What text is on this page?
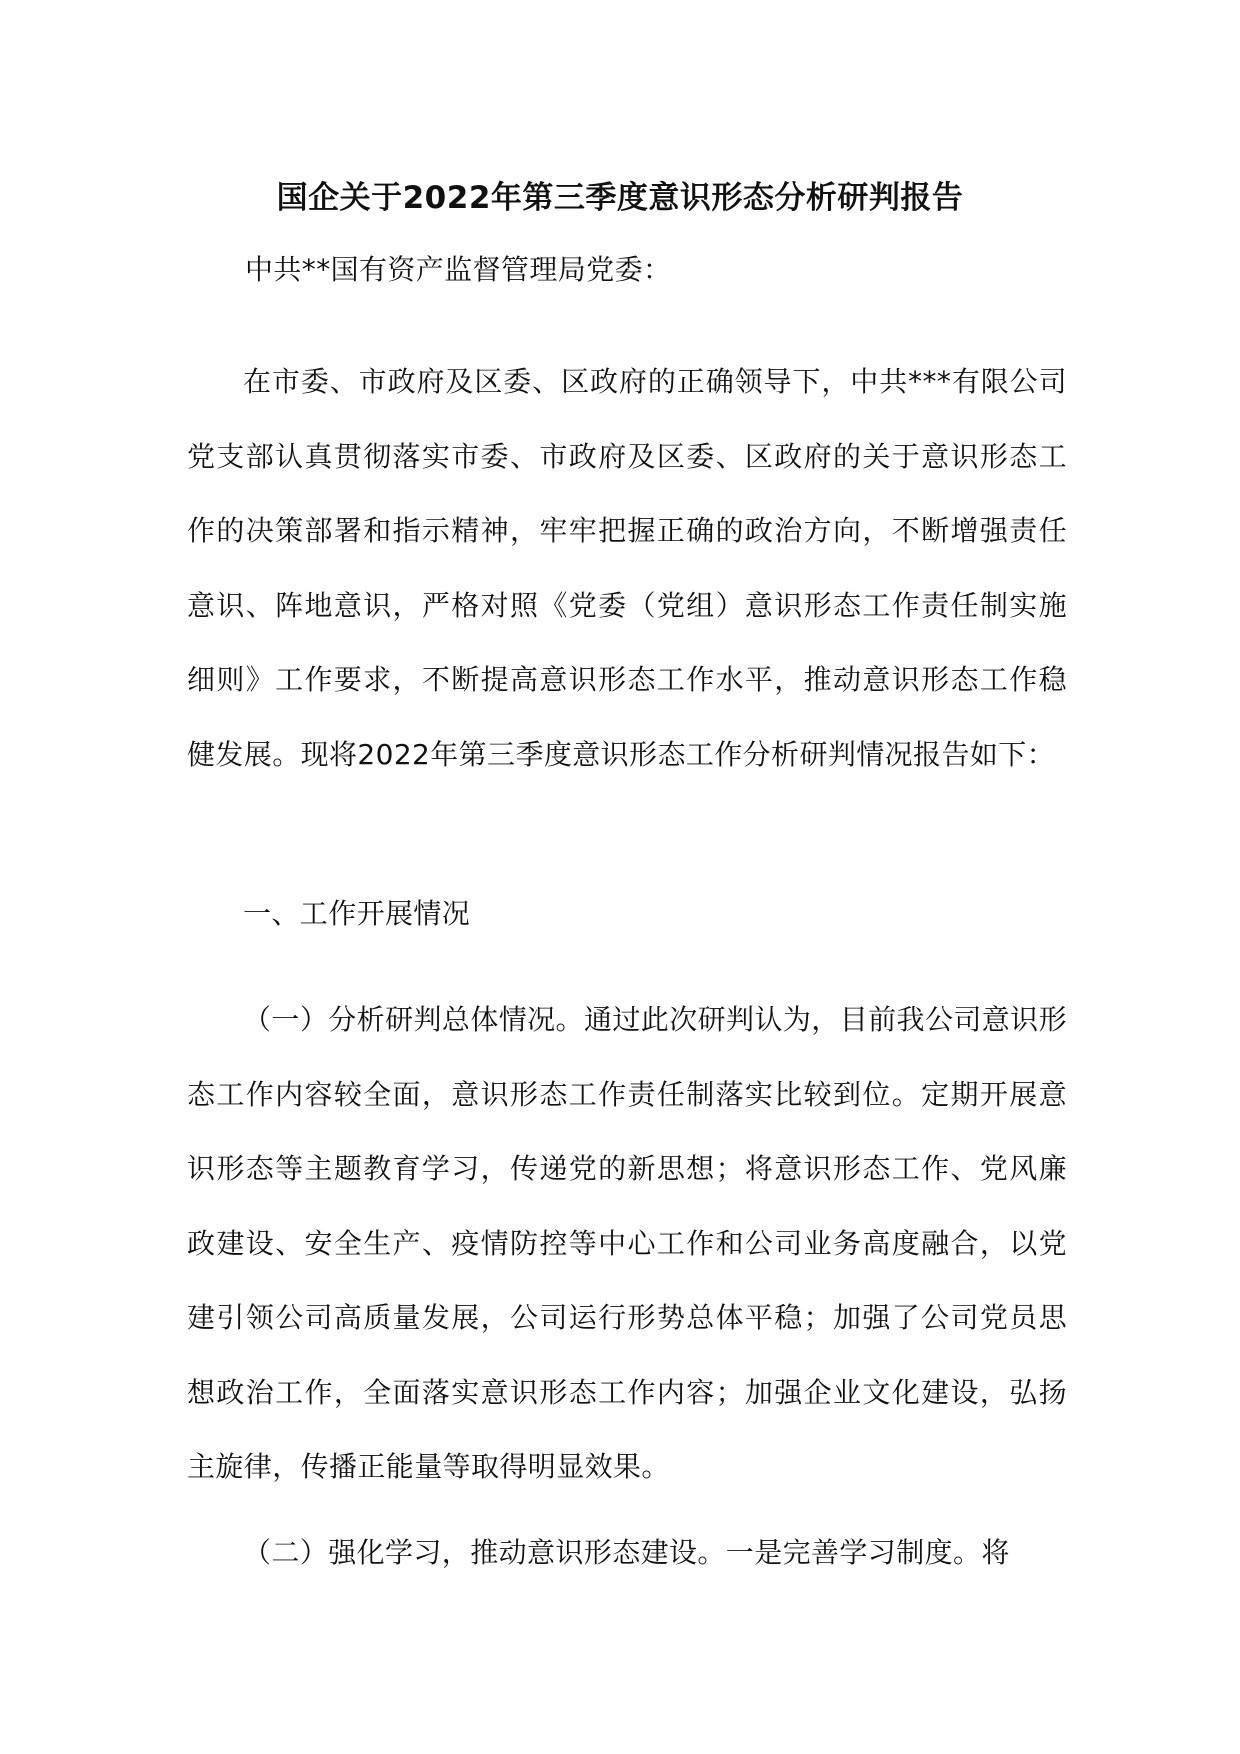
国企关于2022年第三季度意识形态分析研判报告

中共**国有资产监督管理局党委：

在市委、市政府及区委、区政府的正确领导下，中共***有限公司党支部认真贯彻落实市委、市政府及区委、区政府的关于意识形态工作的决策部署和指示精神，牢牢把握正确的政治方向，不断增强责任意识、阵地意识，严格对照《党委（党组）意识形态工作责任制实施细则》工作要求，不断提高意识形态工作水平，推动意识形态工作稳健发展。现将2022年第三季度意识形态工作分析研判情况报告如下：

一、工作开展情况

（一）分析研判总体情况。通过此次研判认为，目前我公司意识形态工作内容较全面，意识形态工作责任制落实比较到位。定期开展意识形态等主题教育学习，传递党的新思想；将意识形态工作、党风廉政建设、安全生产、疫情防控等中心工作和公司业务高度融合，以党建引领公司高质量发展，公司运行形势总体平稳；加强了公司党员思想政治工作，全面落实意识形态工作内容；加强企业文化建设，弘扬主旋律，传播正能量等取得明显效果。

（二）强化学习，推动意识形态建设。一是完善学习制度。将
